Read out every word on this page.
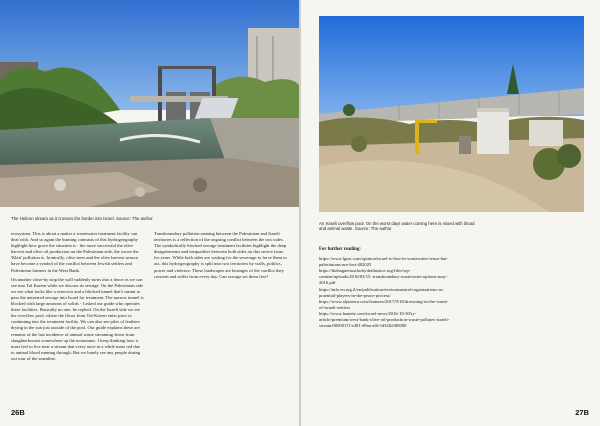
The Hebron stream as it crosses the border into Israel. Source: The author

ecosystem. This is about a matter a wastewater treatment facility can deal with. And so again the burning contrasts of this hydrogeography highlight how grave the situation is - the more successful the olive harvest and olive oil production on the Palestinian side, the worse the 'Klair' pollution is. Ironically, olive trees and the olive harvest season have become a symbol of the conflict between Jewish settlers and Palestinian farmers in the West Bank.

On another close-by stop the wall suddenly turns into a fence as we can see into Tul Karem while we discuss its sewage. On the Palestinian side we see what looks like a reservoir and a blocked tunnel that's meant to pass the untreated sewage into Israel for treatment. The narrow tunnel is blocked with large amounts of solids - I asked our guide who operates these facilities. Basically no one, he replied. On the Israeli side we see the overflow pool, where the flows from Tul-Karem enter prior to continuing into the treatment facility. We can also see piles of feathers drying in the sun just outside of the pool. Our guide explains these are remains of the last incidence of animal waste streaming down from slaughterhouses somewhere up the mountains. I keep thinking how it must feel to live near a stream that every once in a while turns red due to animal blood running through. But we barely see any people during our tour of the seamline.

Transboundary pollution running between the Palestinian and Israeli territories is a reflection of the ongoing conflict between the two sides. The symbolically blocked sewage treatment facilities highlight the deep disagreements and inequalities between both sides on this severe issue for years. While both sides are waiting for the sewerage to force them to act, this hydrogeography is split into two territories by walls, politics, power and violence. These landscapes are hostages of the conflict they concern and suffer from every day. Can sewage set them free?

26B
An Israeli overflow pool. On the worst days water coming here is mixed with blood and animal waste. Source: The author

For further reading:

https://www.lgost.com/opinion/israel-is-first-in-wastewater-reuse-but-palestinians-are-lost-482025
https://thehaguetrustforhydrallustice.org/files/wp-content/uploads/2016/03/15.-transboundary-wastewater-options-may-2016.pdf
https://mfo.en.org.il/en/publication/environmental-organizations-as-potential-players-in-the-peace-process/
https://www.aljazeera.com/features/2017/9/18/drowning-in-the-waste-of-israeli-settlers
https://www.haaretz.com/israel-news/2016-10-30/ty-article/premium/west-bank-olive-oil-production-waste-pollutes-israeli-stream/0000017f-e401-d9aa-afff-fd3f2b580000
27B
